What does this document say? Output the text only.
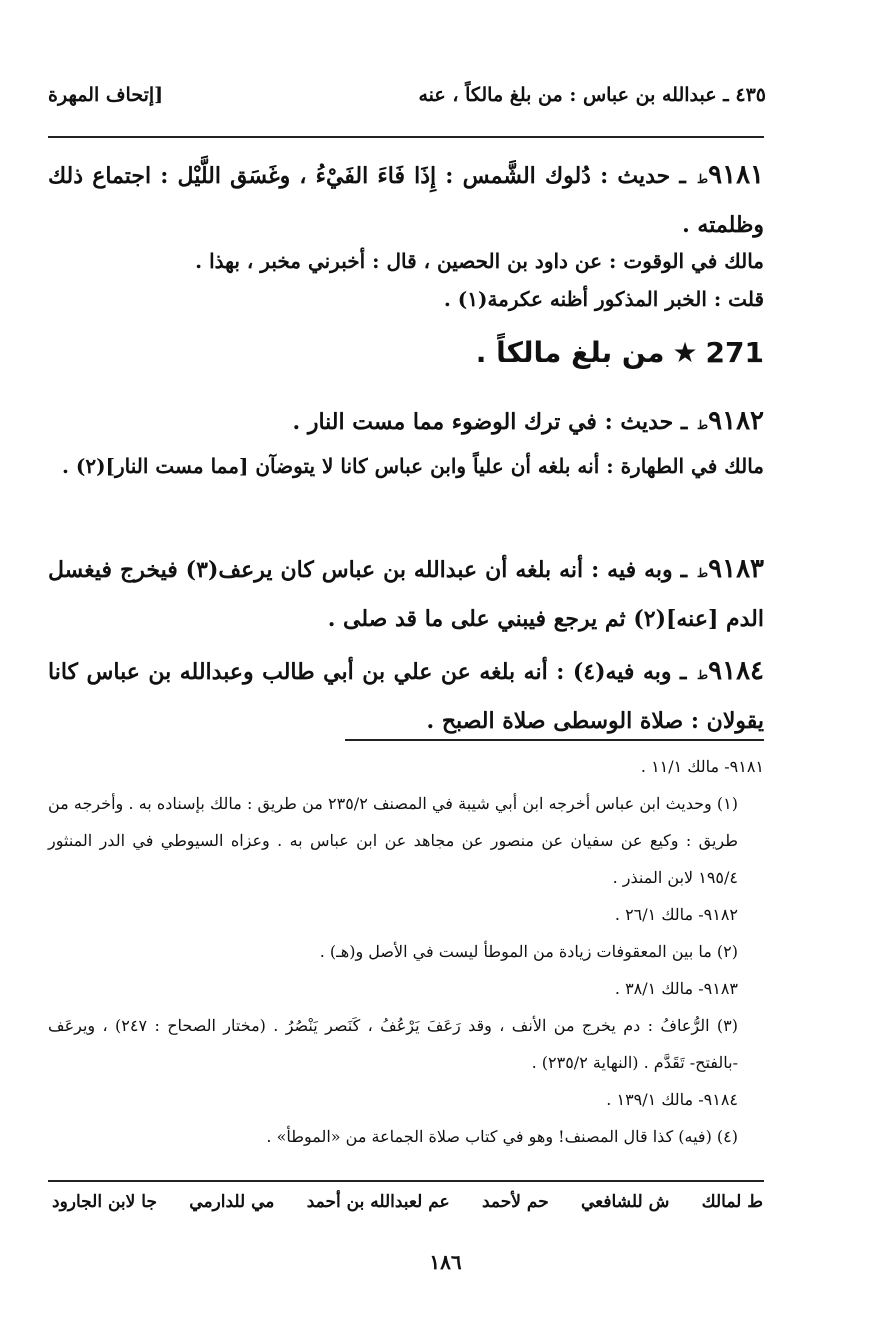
٤٣٥ ـ عبدالله بن عباس : من بلغ مالكاً ، عنه
[إتحاف المهرة
٩١٨١ط ـ حديث : دُلوك الشَّمس : إِذَا فَاءَ الفَيْءُ ، وغَسَق اللَّيْل : اجتماع ذلك وظلمته .
مالك في الوقوت : عن داود بن الحصين ، قال : أخبرني مخبر ، بهذا .
قلت : الخبر المذكور أظنه عكرمة(١) .
271★من بلغ مالكاً .
٩١٨٢ط ـ حديث : في ترك الوضوء مما مست النار .
مالك في الطهارة : أنه بلغه أن علياً وابن عباس كانا لا يتوضآن [مما مست النار](٢) .
٩١٨٣ط ـ وبه فيه : أنه بلغه أن عبدالله بن عباس كان يرعف(٣) فيخرج فيغسل الدم [عنه](٢) ثم يرجع فيبني على ما قد صلى .
٩١٨٤ط ـ وبه فيه(٤) : أنه بلغه عن علي بن أبي طالب وعبدالله بن عباس كانا يقولان : صلاة الوسطى صلاة الصبح .
٩١٨١- مالك ١١/١ .
(١) وحديث ابن عباس أخرجه ابن أبي شيبة في المصنف ٢٣٥/٢ من طريق : مالك بإسناده به . وأخرجه من طريق : وكيع عن سفيان عن منصور عن مجاهد عن ابن عباس به . وعزاه السيوطي في الدر المنثور ١٩٥/٤ لابن المنذر .
٩١٨٢- مالك ٢٦/١ .
(٢) ما بين المعقوفات زيادة من الموطأ ليست في الأصل و(هـ) .
٩١٨٣- مالك ٣٨/١ .
(٣) الرُّعافُ : دم يخرج من الأنف ، وقد رَعَفَ يَرْعُفُ ، كَنَصر يَنْصُرُ . (مختار الصحاح : ٢٤٧) ، ويرعَف -بالفتح- تَقَدَّم . (النهاية ٢٣٥/٢) .
٩١٨٤- مالك ١٣٩/١ .
(٤) (فيه) كذا قال المصنف! وهو في كتاب صلاة الجماعة من «الموطأ» .
ط لمالك
ش للشافعي
حم لأحمد
عم لعبدالله بن أحمد
مي للدارمي
جا لابن الجارود
١٨٦
